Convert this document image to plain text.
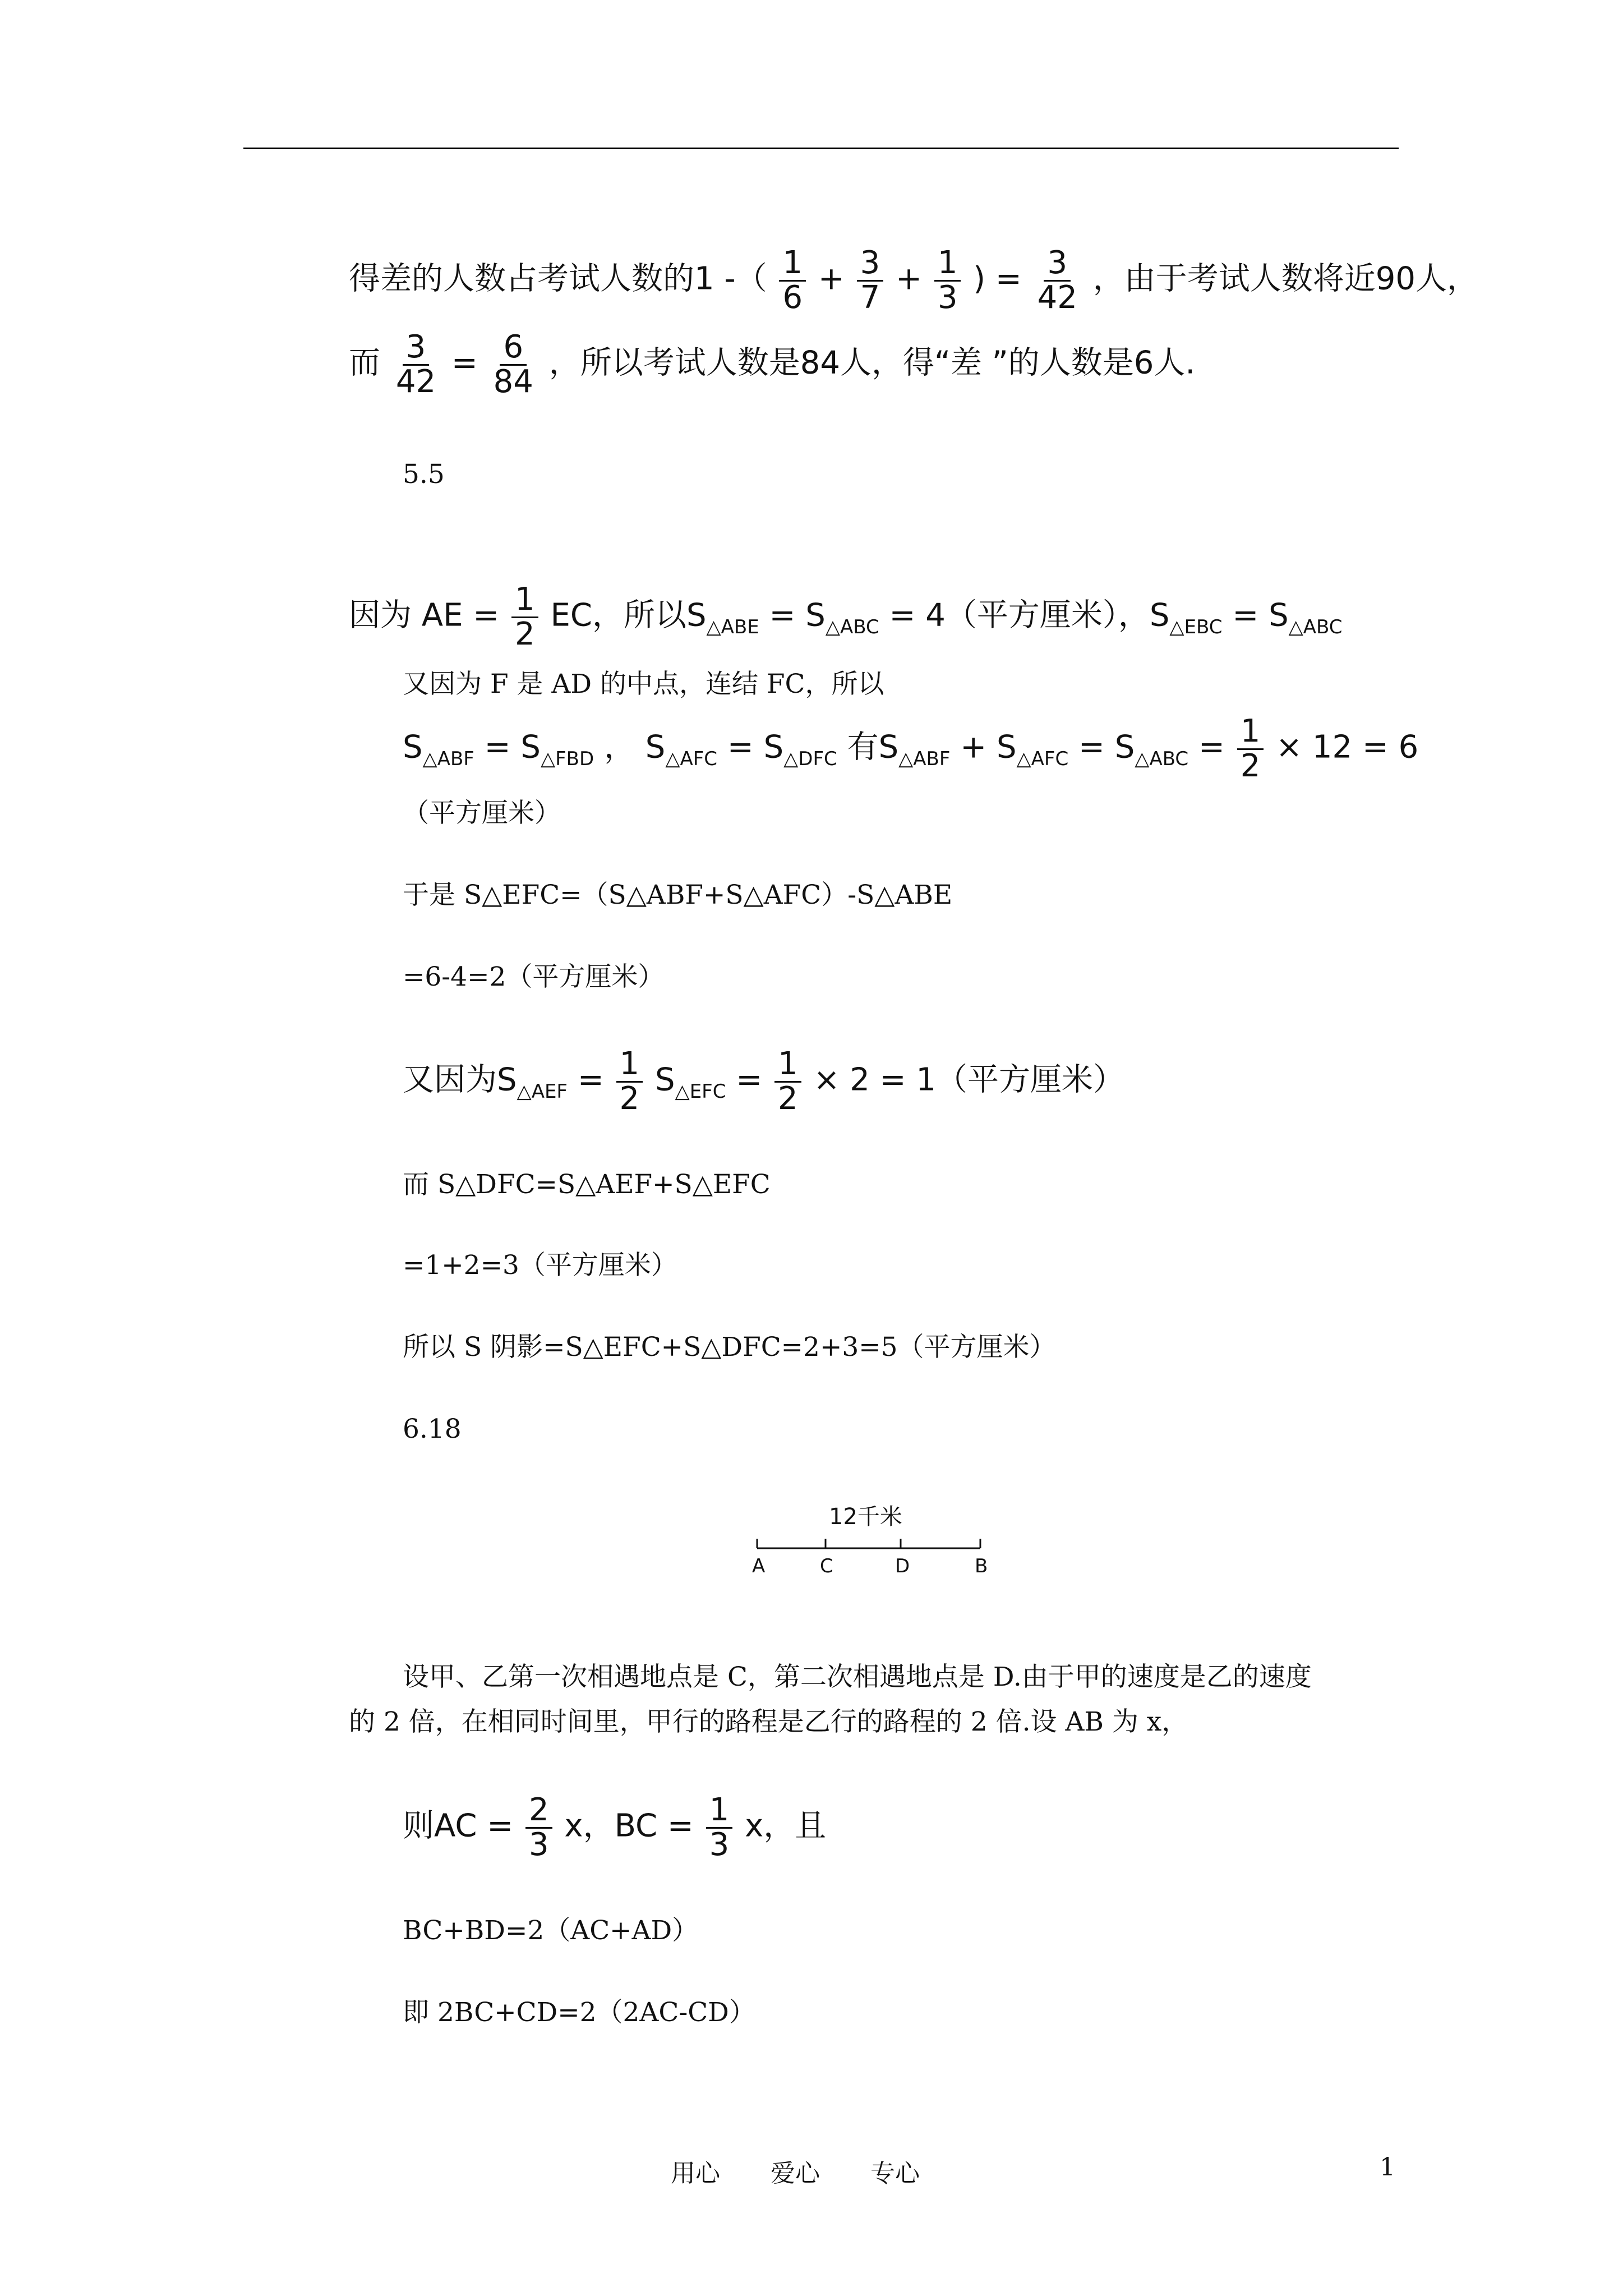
得差的人数占考试人数的1 -（ $\frac{1}{6} + \frac{3}{7} + \frac{1}{3}$ ) = $\frac{3}{42}$ ，由于考试人数将近90人，
而 $\frac{3}{42} = \frac{6}{84}$ ，所以考试人数是84人，得“差 ”的人数是6人.
5.5
因为 AE = $\frac{1}{2}$ EC，所以$S_{\triangle ABE} = S_{\triangle ABC} = 4$（平方厘米），$S_{\triangle EBC} = S_{\triangle ABC}$
又因为 F 是 AD 的中点，连结 FC，所以
$S_{\triangle ABF} = S_{\triangle FBD}$ ， $S_{\triangle AFC} = S_{\triangle DFC}$ 有$S_{\triangle ABF} + S_{\triangle AFC} = S_{\triangle ABC} = \frac{1}{2} \times 12 = 6$
（平方厘米）
于是 S△EFC=（S△ABF+S△AFC）-S△ABE
=6-4=2（平方厘米）
又因为$S_{\triangle AEF} = \frac{1}{2} S_{\triangle EFC} = \frac{1}{2} \times 2 = 1$（平方厘米）
而 S△DFC=S△AEF+S△EFC
=1+2=3（平方厘米）
所以 S 阴影=S△EFC+S△DFC=2+3=5（平方厘米）
6.18
12千米
A	C	D	B
设甲、乙第一次相遇地点是 C，第二次相遇地点是 D.由于甲的速度是乙的速度
的 2 倍，在相同时间里，甲行的路程是乙行的路程的 2 倍.设 AB 为 x，
则AC = $\frac{2}{3}$ x，BC = $\frac{1}{3}$ x，且
BC+BD=2（AC+AD）
即 2BC+CD=2（2AC-CD）
用心 爱心 专心	1
